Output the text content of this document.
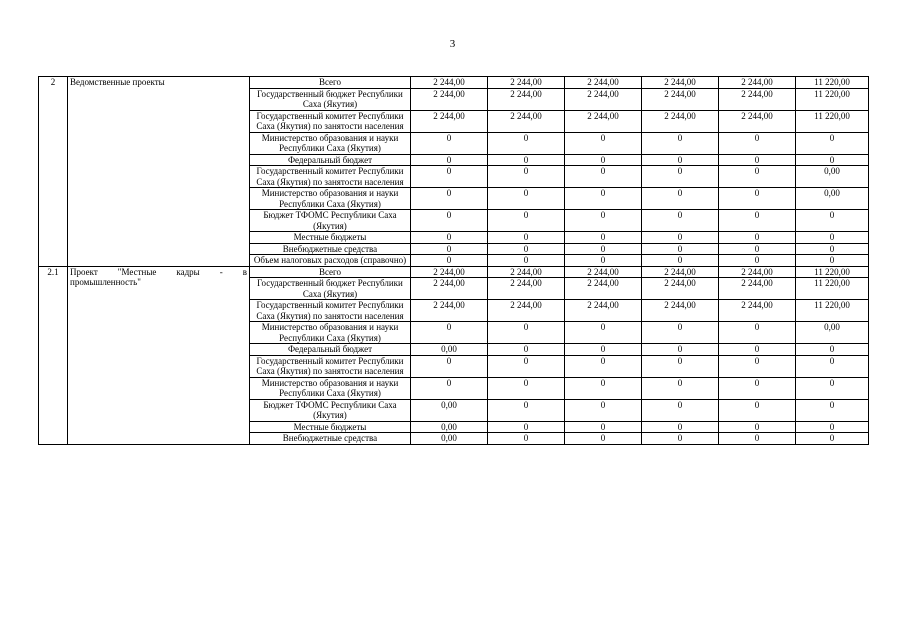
3
2	Ведомственные проекты	Всего	2 244,00	2 244,00	2 244,00	2 244,00	2 244,00	11 220,00
		Государственный бюджет Республики Саха (Якутия)	2 244,00	2 244,00	2 244,00	2 244,00	2 244,00	11 220,00
		Государственный комитет Республики Саха (Якутия) по занятости населения	2 244,00	2 244,00	2 244,00	2 244,00	2 244,00	11 220,00
		Министерство образования и науки Республики Саха (Якутия)	0	0	0	0	0	0
		Федеральный бюджет	0	0	0	0	0	0
		Государственный комитет Республики Саха (Якутия) по занятости населения	0	0	0	0	0	0,00
		Министерство образования и науки Республики Саха (Якутия)	0	0	0	0	0	0,00
		Бюджет ТФОМС Республики Саха (Якутия)	0	0	0	0	0	0
		Местные бюджеты	0	0	0	0	0	0
		Внебюджетные средства	0	0	0	0	0	0
		Объем налоговых расходов (справочно)	0	0	0	0	0	0
2.1	Проект "Местные кадры - в промышленность"	Всего	2 244,00	2 244,00	2 244,00	2 244,00	2 244,00	11 220,00
		Государственный бюджет Республики Саха (Якутия)	2 244,00	2 244,00	2 244,00	2 244,00	2 244,00	11 220,00
		Государственный комитет Республики Саха (Якутия) по занятости населения	2 244,00	2 244,00	2 244,00	2 244,00	2 244,00	11 220,00
		Министерство образования и науки Республики Саха (Якутия)	0	0	0	0	0	0,00
		Федеральный бюджет	0,00	0	0	0	0	0
		Государственный комитет Республики Саха (Якутия) по занятости населения	0	0	0	0	0	0
		Министерство образования и науки Республики Саха (Якутия)	0	0	0	0	0	0
		Бюджет ТФОМС Республики Саха (Якутия)	0,00	0	0	0	0	0
		Местные бюджеты	0,00	0	0	0	0	0
		Внебюджетные средства	0,00	0	0	0	0	0
